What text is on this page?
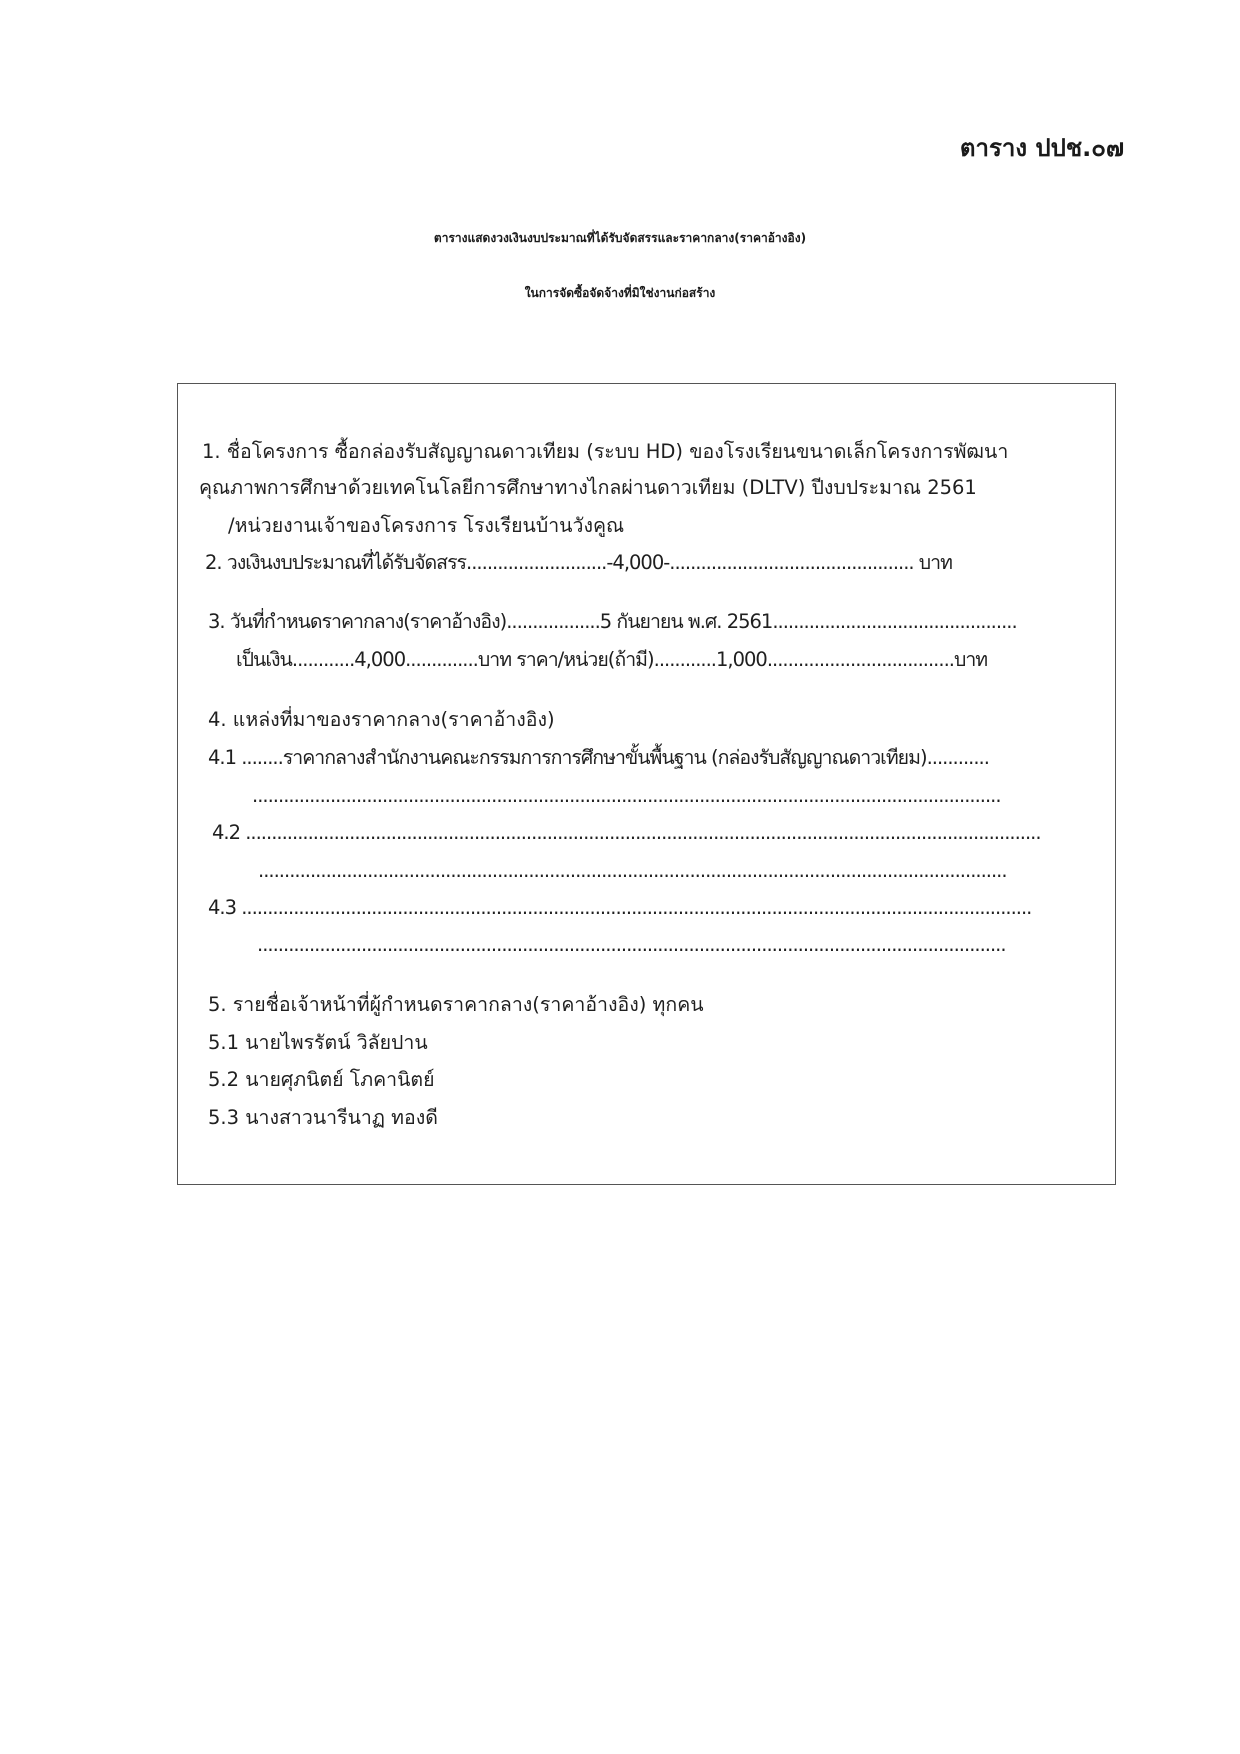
ตาราง ปปช.๐๗
ตารางแสดงวงเงินงบประมาณที่ได้รับจัดสรรและราคากลาง(ราคาอ้างอิง)
ในการจัดซื้อจัดจ้างที่มิใช่งานก่อสร้าง
1. ชื่อโครงการ ซื้อกล่องรับสัญญาณดาวเทียม (ระบบ HD) ของโรงเรียนขนาดเล็กโครงการพัฒนา
คุณภาพการศึกษาด้วยเทคโนโลยีการศึกษาทางไกลผ่านดาวเทียม (DLTV) ปีงบประมาณ 2561
/หน่วยงานเจ้าของโครงการ โรงเรียนบ้านวังคูณ
2. วงเงินงบประมาณที่ได้รับจัดสรร...........................-4,000-............................................... บาท
3. วันที่กำหนดราคากลาง(ราคาอ้างอิง)..................5 กันยายน พ.ศ. 2561...............................................
เป็นเงิน............4,000..............บาท ราคา/หน่วย(ถ้ามี)............1,000....................................บาท
4. แหล่งที่มาของราคากลาง(ราคาอ้างอิง)
4.1 ........ราคากลางสำนักงานคณะกรรมการการศึกษาขั้นพื้นฐาน (กล่องรับสัญญาณดาวเทียม)............
................................................................................................................................................
4.2 .........................................................................................................................................................
................................................................................................................................................
4.3 ........................................................................................................................................................
................................................................................................................................................
5. รายชื่อเจ้าหน้าที่ผู้กำหนดราคากลาง(ราคาอ้างอิง) ทุกคน
5.1 นายไพรรัตน์ วิลัยปาน
5.2 นายศุภนิตย์ โภคานิตย์
5.3 นางสาวนารีนาฏ ทองดี
